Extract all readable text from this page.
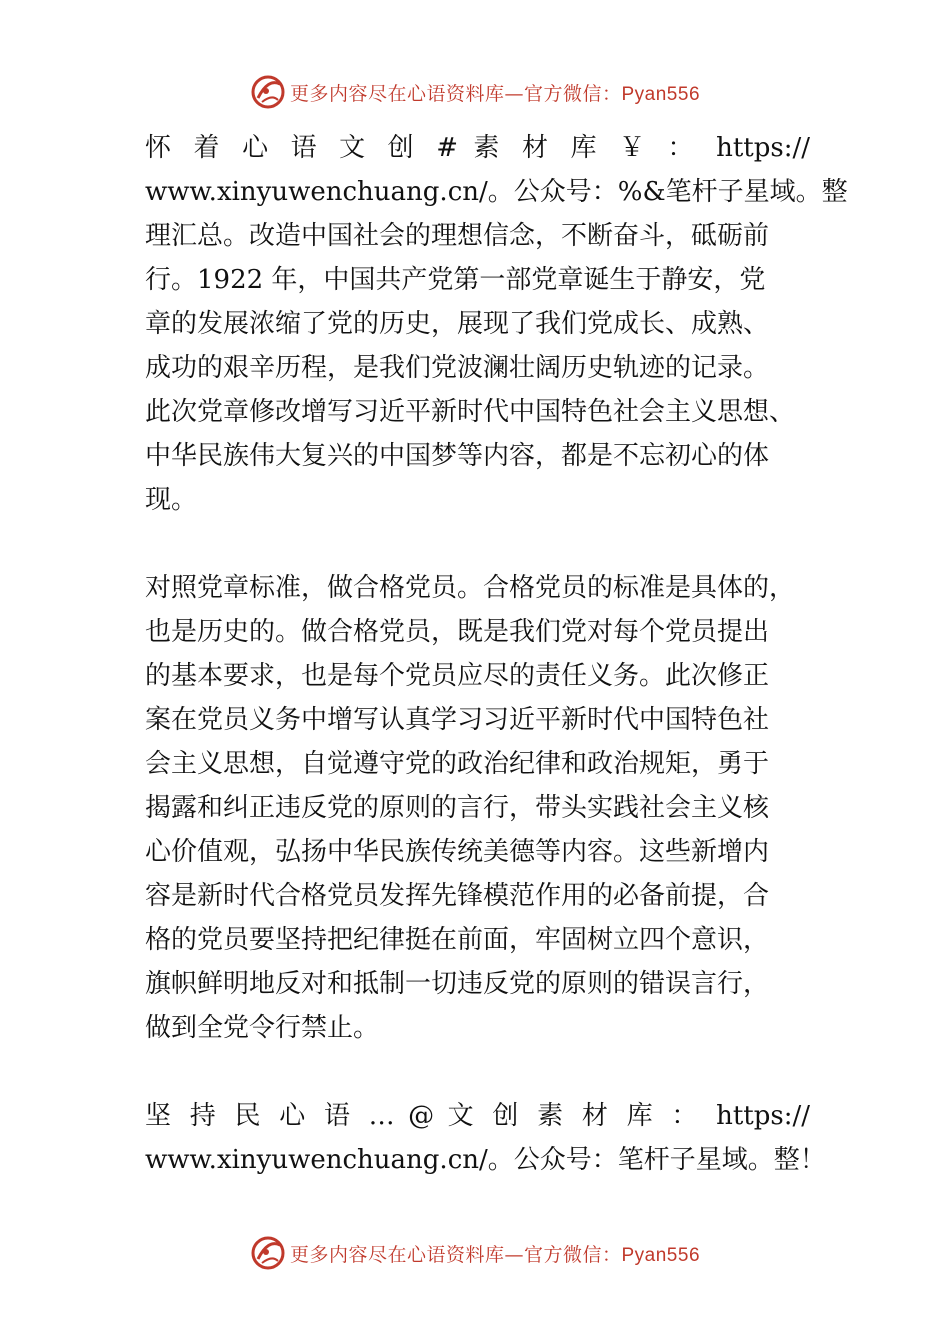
更多内容尽在心语资料库—官方微信：Pyan556
怀 着 心 语 文 创 # 素 材 库 ￥ ： https://
www.xinyuwenchuang.cn/。公众号：%&笔杆子星域。整
理汇总。改造中国社会的理想信念，不断奋斗，砥砺前
行。1922 年，中国共产党第一部党章诞生于静安，党
章的发展浓缩了党的历史，展现了我们党成长、成熟、
成功的艰辛历程，是我们党波澜壮阔历史轨迹的记录。
此次党章修改增写习近平新时代中国特色社会主义思想、
中华民族伟大复兴的中国梦等内容，都是不忘初心的体
现。
对照党章标准，做合格党员。合格党员的标准是具体的，
也是历史的。做合格党员，既是我们党对每个党员提出
的基本要求，也是每个党员应尽的责任义务。此次修正
案在党员义务中增写认真学习习近平新时代中国特色社
会主义思想，自觉遵守党的政治纪律和政治规矩，勇于
揭露和纠正违反党的原则的言行，带头实践社会主义核
心价值观，弘扬中华民族传统美德等内容。这些新增内
容是新时代合格党员发挥先锋模范作用的必备前提，合
格的党员要坚持把纪律挺在前面，牢固树立四个意识，
旗帜鲜明地反对和抵制一切违反党的原则的错误言行，
做到全党令行禁止。
坚 持 民 心 语 … @ 文 创 素 材 库 ： https://
www.xinyuwenchuang.cn/。公众号：笔杆子星域。整！
更多内容尽在心语资料库—官方微信：Pyan556
